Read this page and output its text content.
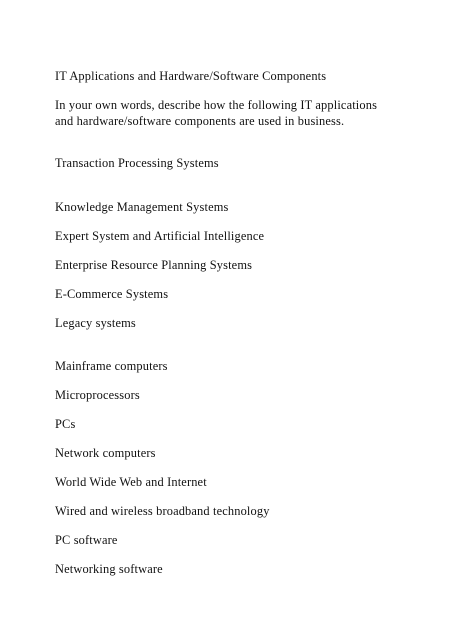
IT Applications and Hardware/Software Components
In your own words, describe how the following IT applications
and hardware/software components are used in business.
Transaction Processing Systems
Knowledge Management Systems
Expert System and Artificial Intelligence
Enterprise Resource Planning Systems
E-Commerce Systems
Legacy systems
Mainframe computers
Microprocessors
PCs
Network computers
World Wide Web and Internet
Wired and wireless broadband technology
PC software
Networking software
